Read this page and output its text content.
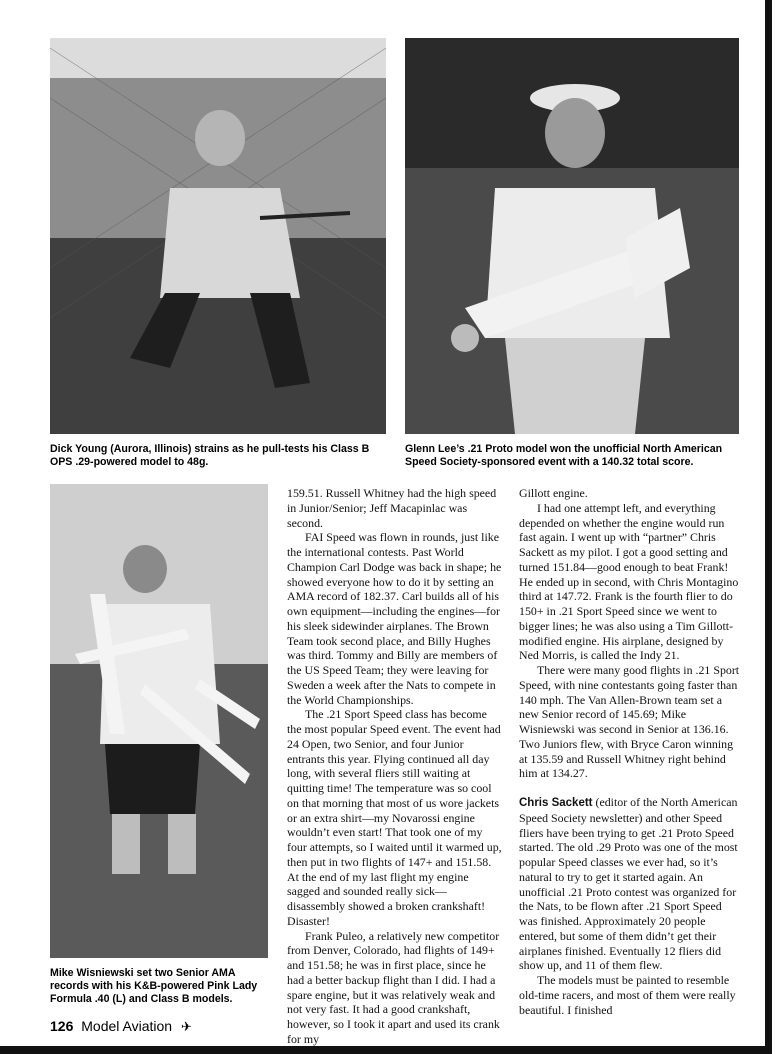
Dick Young (Aurora, Illinois) strains as he pull-tests his Class B OPS .29-powered model to 48g.

Glenn Lee’s .21 Proto model won the unofficial North American Speed Society-sponsored event with a 140.32 total score.

Mike Wisniewski set two Senior AMA records with his K&B-powered Pink Lady Formula .40 (L) and Class B models.

159.51. Russell Whitney had the high speed in Junior/Senior; Jeff Macapinlac was second.

FAI Speed was flown in rounds, just like the international contests. Past World Champion Carl Dodge was back in shape; he showed everyone how to do it by setting an AMA record of 182.37. Carl builds all of his own equipment—including the engines—for his sleek sidewinder airplanes. The Brown Team took second place, and Billy Hughes was third. Tommy and Billy are members of the US Speed Team; they were leaving for Sweden a week after the Nats to compete in the World Championships.

The .21 Sport Speed class has become the most popular Speed event. The event had 24 Open, two Senior, and four Junior entrants this year. Flying continued all day long, with several fliers still waiting at quitting time! The temperature was so cool on that morning that most of us wore jackets or an extra shirt—my Novarossi engine wouldn’t even start! That took one of my four attempts, so I waited until it warmed up, then put in two flights of 147+ and 151.58. At the end of my last flight my engine sagged and sounded really sick—disassembly showed a broken crankshaft! Disaster!

Frank Puleo, a relatively new competitor from Denver, Colorado, had flights of 149+ and 151.58; he was in first place, since he had a better backup flight than I did. I had a spare engine, but it was relatively weak and not very fast. It had a good crankshaft, however, so I took it apart and used its crank for my

Gillott engine.

I had one attempt left, and everything depended on whether the engine would run fast again. I went up with “partner” Chris Sackett as my pilot. I got a good setting and turned 151.84—good enough to beat Frank! He ended up in second, with Chris Montagino third at 147.72. Frank is the fourth flier to do 150+ in .21 Sport Speed since we went to bigger lines; he was also using a Tim Gillott-modified engine. His airplane, designed by Ned Morris, is called the Indy 21.

There were many good flights in .21 Sport Speed, with nine contestants going faster than 140 mph. The Van Allen-Brown team set a new Senior record of 145.69; Mike Wisniewski was second in Senior at 136.16. Two Juniors flew, with Bryce Caron winning at 135.59 and Russell Whitney right behind him at 134.27.

Chris Sackett (editor of the North American Speed Society newsletter) and other Speed fliers have been trying to get .21 Proto Speed started. The old .29 Proto was one of the most popular Speed classes we ever had, so it’s natural to try to get it started again. An unofficial .21 Proto contest was organized for the Nats, to be flown after .21 Sport Speed was finished. Approximately 20 people entered, but some of them didn’t get their airplanes finished. Eventually 12 fliers did show up, and 11 of them flew.

The models must be painted to resemble old-time racers, and most of them were really beautiful. I finished

126 Model Aviation ✈
